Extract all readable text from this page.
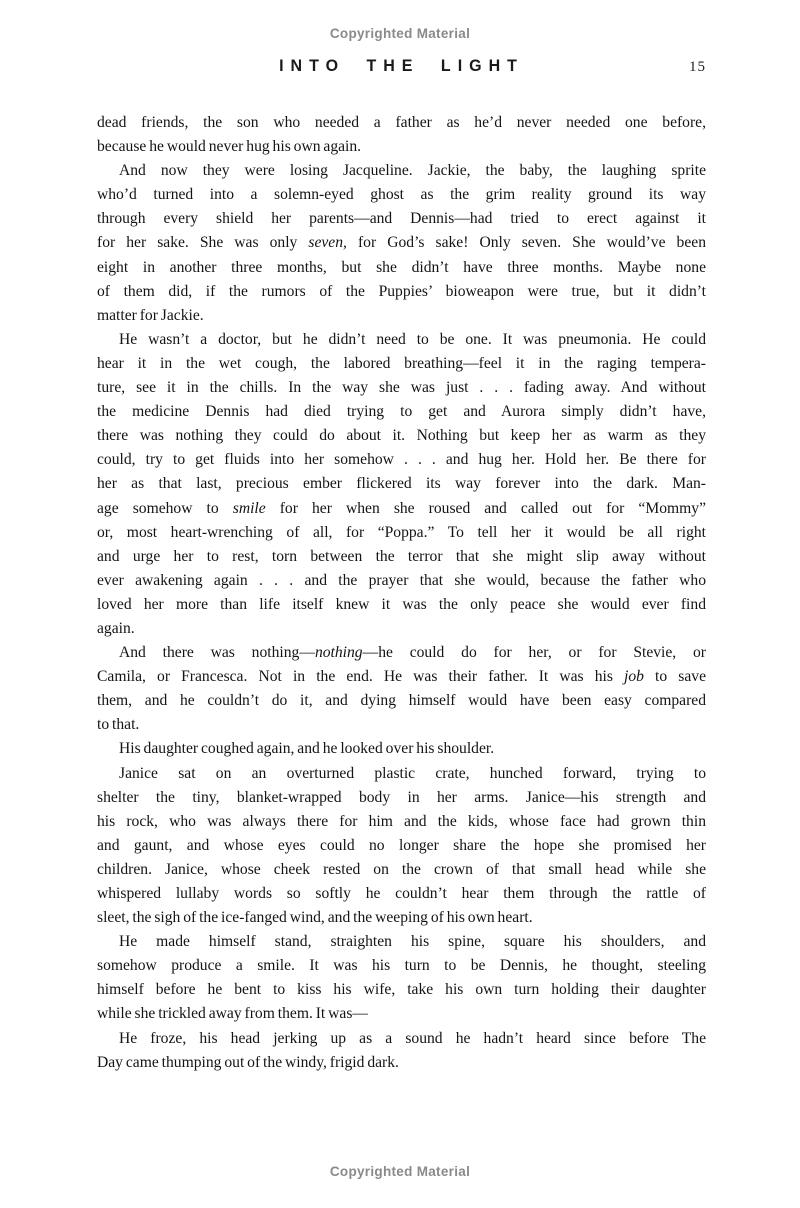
Copyrighted Material
INTO THE LIGHT	15
dead friends, the son who needed a father as he’d never needed one before,
because he would never hug his own again.
And now they were losing Jacqueline. Jackie, the baby, the laughing sprite
who’d turned into a solemn-eyed ghost as the grim reality ground its way
through every shield her parents—and Dennis—had tried to erect against it
for her sake. She was only seven, for God’s sake! Only seven. She would’ve been
eight in another three months, but she didn’t have three months. Maybe none
of them did, if the rumors of the Puppies’ bioweapon were true, but it didn’t
matter for Jackie.
He wasn’t a doctor, but he didn’t need to be one. It was pneumonia. He could
hear it in the wet cough, the labored breathing—feel it in the raging tempera-
ture, see it in the chills. In the way she was just . . . fading away. And without
the medicine Dennis had died trying to get and Aurora simply didn’t have,
there was nothing they could do about it. Nothing but keep her as warm as they
could, try to get fluids into her somehow . . . and hug her. Hold her. Be there for
her as that last, precious ember flickered its way forever into the dark. Man-
age somehow to smile for her when she roused and called out for “Mommy”
or, most heart-wrenching of all, for “Poppa.” To tell her it would be all right
and urge her to rest, torn between the terror that she might slip away without
ever awakening again . . . and the prayer that she would, because the father who
loved her more than life itself knew it was the only peace she would ever find
again.
And there was nothing—nothing—he could do for her, or for Stevie, or
Camila, or Francesca. Not in the end. He was their father. It was his job to save
them, and he couldn’t do it, and dying himself would have been easy compared
to that.
His daughter coughed again, and he looked over his shoulder.
Janice sat on an overturned plastic crate, hunched forward, trying to
shelter the tiny, blanket-wrapped body in her arms. Janice—his strength and
his rock, who was always there for him and the kids, whose face had grown thin
and gaunt, and whose eyes could no longer share the hope she promised her
children. Janice, whose cheek rested on the crown of that small head while she
whispered lullaby words so softly he couldn’t hear them through the rattle of
sleet, the sigh of the ice-fanged wind, and the weeping of his own heart.
He made himself stand, straighten his spine, square his shoulders, and
somehow produce a smile. It was his turn to be Dennis, he thought, steeling
himself before he bent to kiss his wife, take his own turn holding their daughter
while she trickled away from them. It was—
He froze, his head jerking up as a sound he hadn’t heard since before The
Day came thumping out of the windy, frigid dark.
Copyrighted Material
